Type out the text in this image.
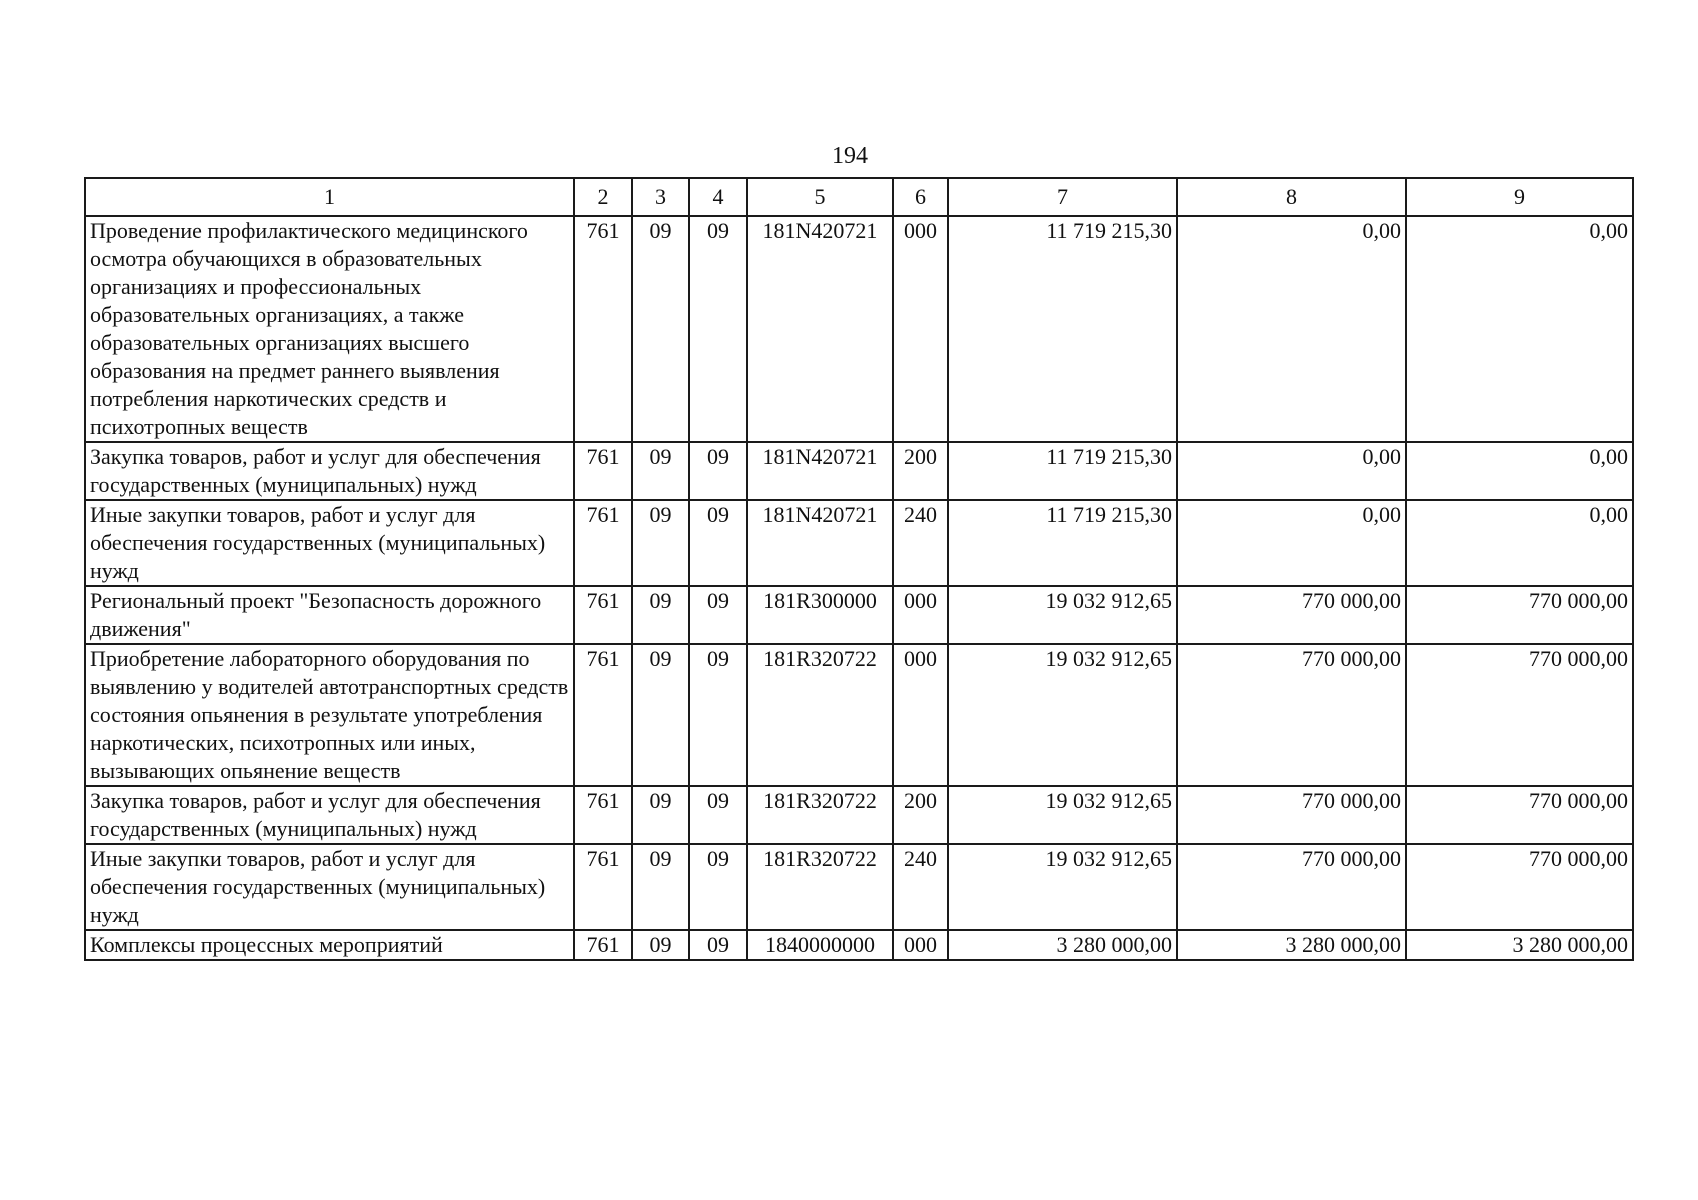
194
1	2	3	4	5	6	7	8	9
Проведение профилактического медицинского осмотра обучающихся в образовательных организациях и профессиональных образовательных организациях, а также образовательных организациях высшего образования на предмет раннего выявления потребления наркотических средств и психотропных веществ	761	09	09	181N420721	000	11 719 215,30	0,00	0,00
Закупка товаров, работ и услуг для обеспечения государственных (муниципальных) нужд	761	09	09	181N420721	200	11 719 215,30	0,00	0,00
Иные закупки товаров, работ и услуг для обеспечения государственных (муниципальных) нужд	761	09	09	181N420721	240	11 719 215,30	0,00	0,00
Региональный проект "Безопасность дорожного движения"	761	09	09	181R300000	000	19 032 912,65	770 000,00	770 000,00
Приобретение лабораторного оборудования по выявлению у водителей автотранспортных средств состояния опьянения в результате употребления наркотических, психотропных или иных, вызывающих опьянение веществ	761	09	09	181R320722	000	19 032 912,65	770 000,00	770 000,00
Закупка товаров, работ и услуг для обеспечения государственных (муниципальных) нужд	761	09	09	181R320722	200	19 032 912,65	770 000,00	770 000,00
Иные закупки товаров, работ и услуг для обеспечения государственных (муниципальных) нужд	761	09	09	181R320722	240	19 032 912,65	770 000,00	770 000,00
Комплексы процессных мероприятий	761	09	09	1840000000	000	3 280 000,00	3 280 000,00	3 280 000,00
